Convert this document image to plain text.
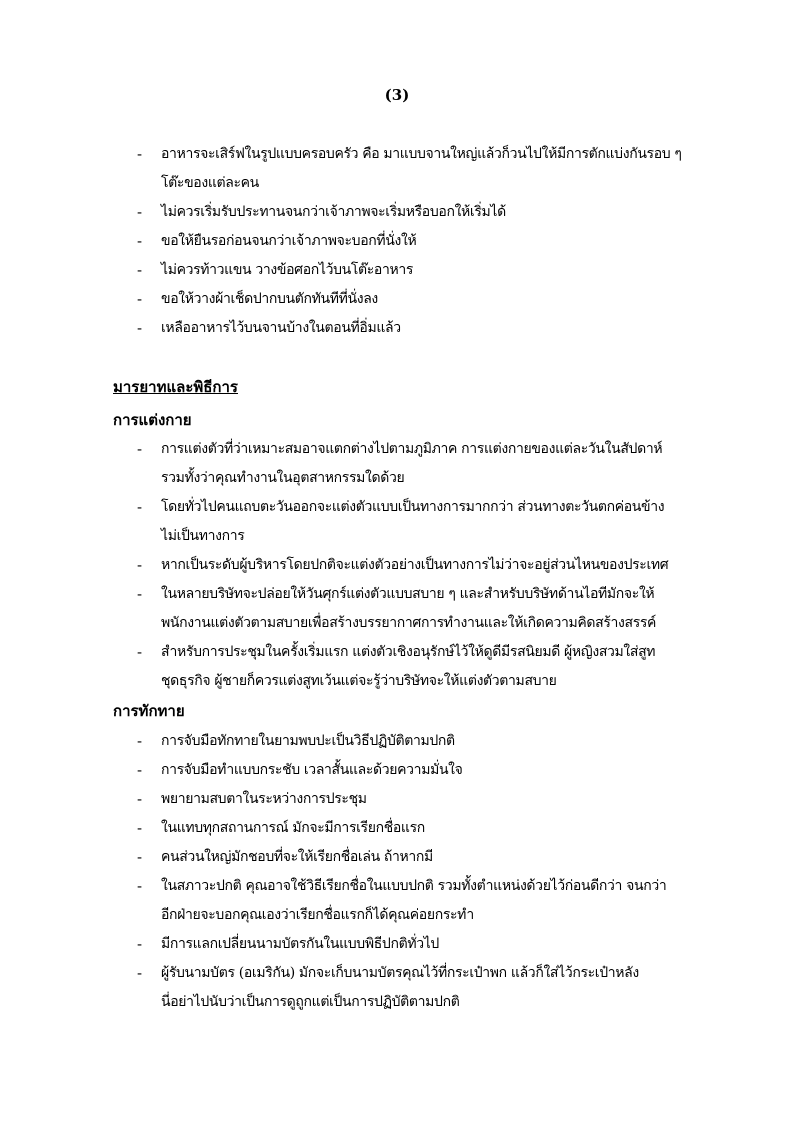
(3)
มารยาทและพิธีการ
การแต่งกาย
การทักทาย
- อาหารจะเสิร์ฟในรูปแบบครอบครัว คือ มาแบบจานใหญ่แล้วก็วนไปให้มีการตักแบ่งกันรอบ ๆ
โต๊ะของแต่ละคน
- ไม่ควรเริ่มรับประทานจนกว่าเจ้าภาพจะเริ่มหรือบอกให้เริ่มได้
- ขอให้ยืนรอก่อนจนกว่าเจ้าภาพจะบอกที่นั่งให้
- ไม่ควรท้าวแขน วางข้อศอกไว้บนโต๊ะอาหาร
- ขอให้วางผ้าเช็ดปากบนตักทันทีที่นั่งลง
- เหลืออาหารไว้บนจานบ้างในตอนที่อิ่มแล้ว
- การแต่งตัวที่ว่าเหมาะสมอาจแตกต่างไปตามภูมิภาค การแต่งกายของแต่ละวันในสัปดาห์
รวมทั้งว่าคุณทำงานในอุตสาหกรรมใดด้วย
- โดยทั่วไปคนแถบตะวันออกจะแต่งตัวแบบเป็นทางการมากกว่า ส่วนทางตะวันตกค่อนข้าง
ไม่เป็นทางการ
- หากเป็นระดับผู้บริหารโดยปกติจะแต่งตัวอย่างเป็นทางการไม่ว่าจะอยู่ส่วนไหนของประเทศ
- ในหลายบริษัทจะปล่อยให้วันศุกร์แต่งตัวแบบสบาย ๆ และสำหรับบริษัทด้านไอทีมักจะให้
พนักงานแต่งตัวตามสบายเพื่อสร้างบรรยากาศการทำงานและให้เกิดความคิดสร้างสรรค์
- สำหรับการประชุมในครั้งเริ่มแรก แต่งตัวเชิงอนุรักษ์ไว้ให้ดูดีมีรสนิยมดี ผู้หญิงสวมใส่สูท
ชุดธุรกิจ ผู้ชายก็ควรแต่งสูทเว้นแต่จะรู้ว่าบริษัทจะให้แต่งตัวตามสบาย
- การจับมือทักทายในยามพบปะเป็นวิธีปฏิบัติตามปกติ
- การจับมือทำแบบกระชับ เวลาสั้นและด้วยความมั่นใจ
- พยายามสบตาในระหว่างการประชุม
- ในแทบทุกสถานการณ์ มักจะมีการเรียกชื่อแรก
- คนส่วนใหญ่มักชอบที่จะให้เรียกชื่อเล่น ถ้าหากมี
- ในสภาวะปกติ คุณอาจใช้วิธีเรียกชื่อในแบบปกติ รวมทั้งตำแหน่งด้วยไว้ก่อนดีกว่า จนกว่า
อีกฝ่ายจะบอกคุณเองว่าเรียกชื่อแรกก็ได้คุณค่อยกระทำ
- มีการแลกเปลี่ยนนามบัตรกันในแบบพิธีปกติทั่วไป
- ผู้รับนามบัตร (อเมริกัน) มักจะเก็บนามบัตรคุณไว้ที่กระเป๋าพก แล้วก็ใส่ไว้กระเป๋าหลัง
นี่อย่าไปนับว่าเป็นการดูถูกแต่เป็นการปฏิบัติตามปกติ
